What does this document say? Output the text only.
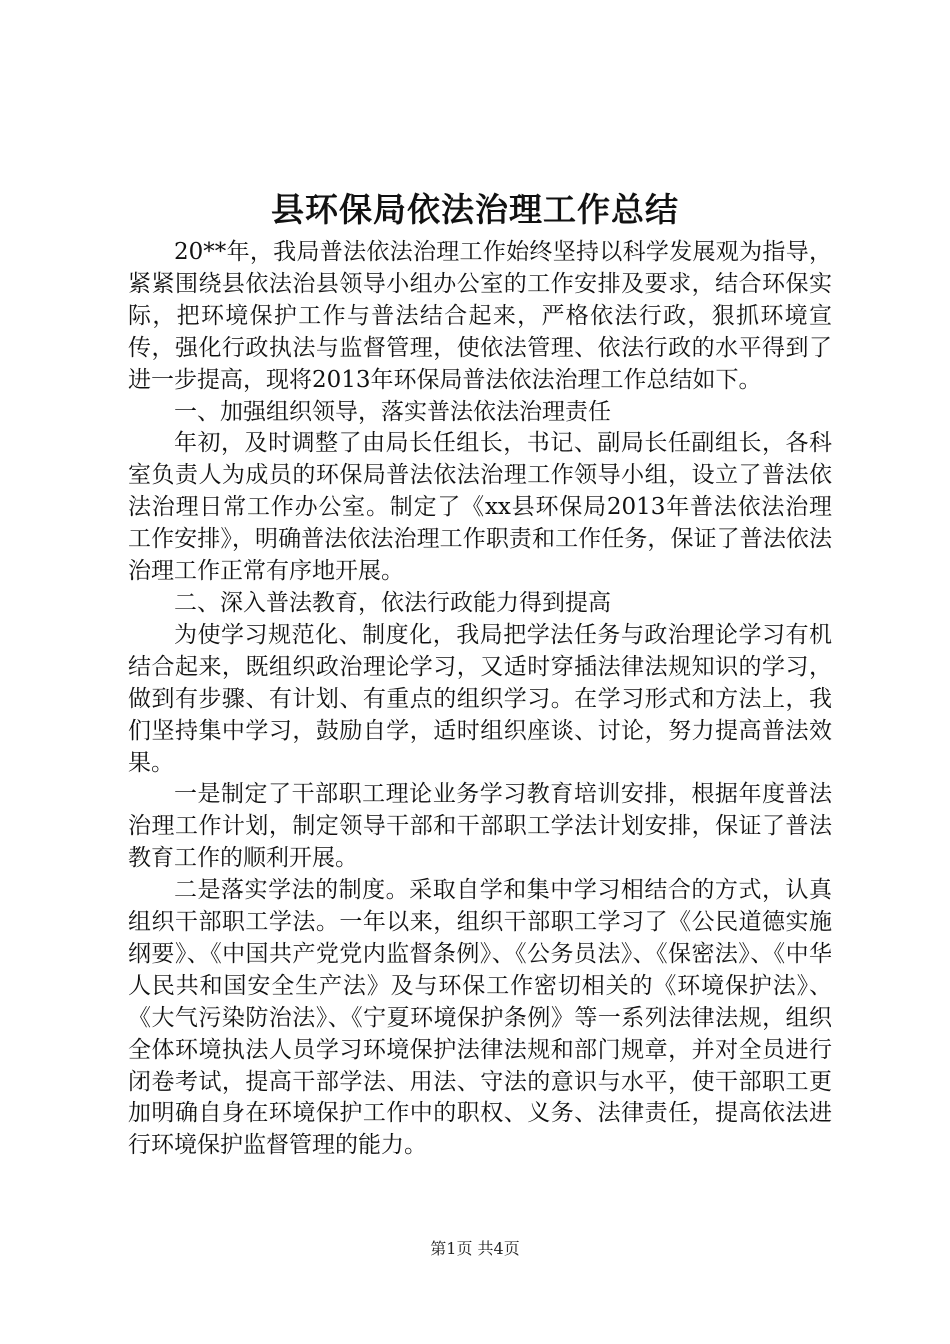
县环保局依法治理工作总结

20**年，我局普法依法治理工作始终坚持以科学发展观为指导，紧紧围绕县依法治县领导小组办公室的工作安排及要求，结合环保实际，把环境保护工作与普法结合起来，严格依法行政，狠抓环境宣传，强化行政执法与监督管理，使依法管理、依法行政的水平得到了进一步提高，现将2013年环保局普法依法治理工作总结如下。

一、加强组织领导，落实普法依法治理责任

年初，及时调整了由局长任组长，书记、副局长任副组长，各科室负责人为成员的环保局普法依法治理工作领导小组，设立了普法依法治理日常工作办公室。制定了《xx县环保局2013年普法依法治理工作安排》，明确普法依法治理工作职责和工作任务，保证了普法依法治理工作正常有序地开展。

二、深入普法教育，依法行政能力得到提高

为使学习规范化、制度化，我局把学法任务与政治理论学习有机结合起来，既组织政治理论学习，又适时穿插法律法规知识的学习，做到有步骤、有计划、有重点的组织学习。在学习形式和方法上，我们坚持集中学习，鼓励自学，适时组织座谈、讨论，努力提高普法效果。

一是制定了干部职工理论业务学习教育培训安排，根据年度普法治理工作计划，制定领导干部和干部职工学法计划安排，保证了普法教育工作的顺利开展。

二是落实学法的制度。采取自学和集中学习相结合的方式，认真组织干部职工学法。一年以来，组织干部职工学习了《公民道德实施纲要》、《中国共产党党内监督条例》、《公务员法》、《保密法》、《中华人民共和国安全生产法》及与环保工作密切相关的《环境保护法》、《大气污染防治法》、《宁夏环境保护条例》等一系列法律法规，组织全体环境执法人员学习环境保护法律法规和部门规章，并对全员进行闭卷考试，提高干部学法、用法、守法的意识与水平，使干部职工更加明确自身在环境保护工作中的职权、义务、法律责任，提高依法进行环境保护监督管理的能力。

第1页 共4页
